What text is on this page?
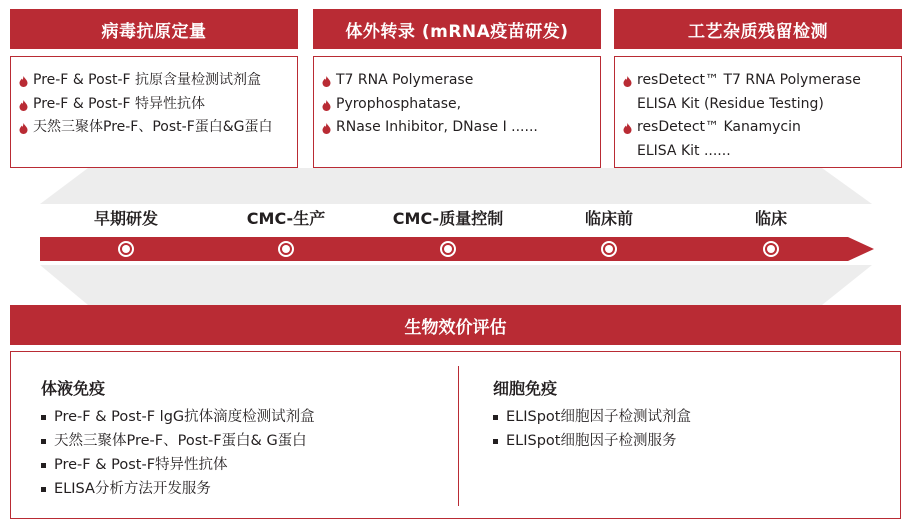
病毒抗原定量	体外转录 (mRNA疫苗研发)	工艺杂质残留检测
Pre-F & Post-F 抗原含量检测试剂盒
Pre-F & Post-F 特异性抗体
天然三聚体Pre-F、Post-F蛋白&G蛋白
T7 RNA Polymerase
Pyrophosphatase,
RNase Inhibitor, DNase I ......
resDetect™ T7 RNA Polymerase
ELISA Kit (Residue Testing)
resDetect™ Kanamycin
ELISA Kit ......
早期研发	CMC-生产	CMC-质量控制	临床前	临床
生物效价评估
体液免疫
Pre-F & Post-F lgG抗体滴度检测试剂盒
天然三聚体Pre-F、Post-F蛋白& G蛋白
Pre-F & Post-F特异性抗体
ELISA分析方法开发服务
细胞免疫
ELISpot细胞因子检测试剂盒
ELISpot细胞因子检测服务
